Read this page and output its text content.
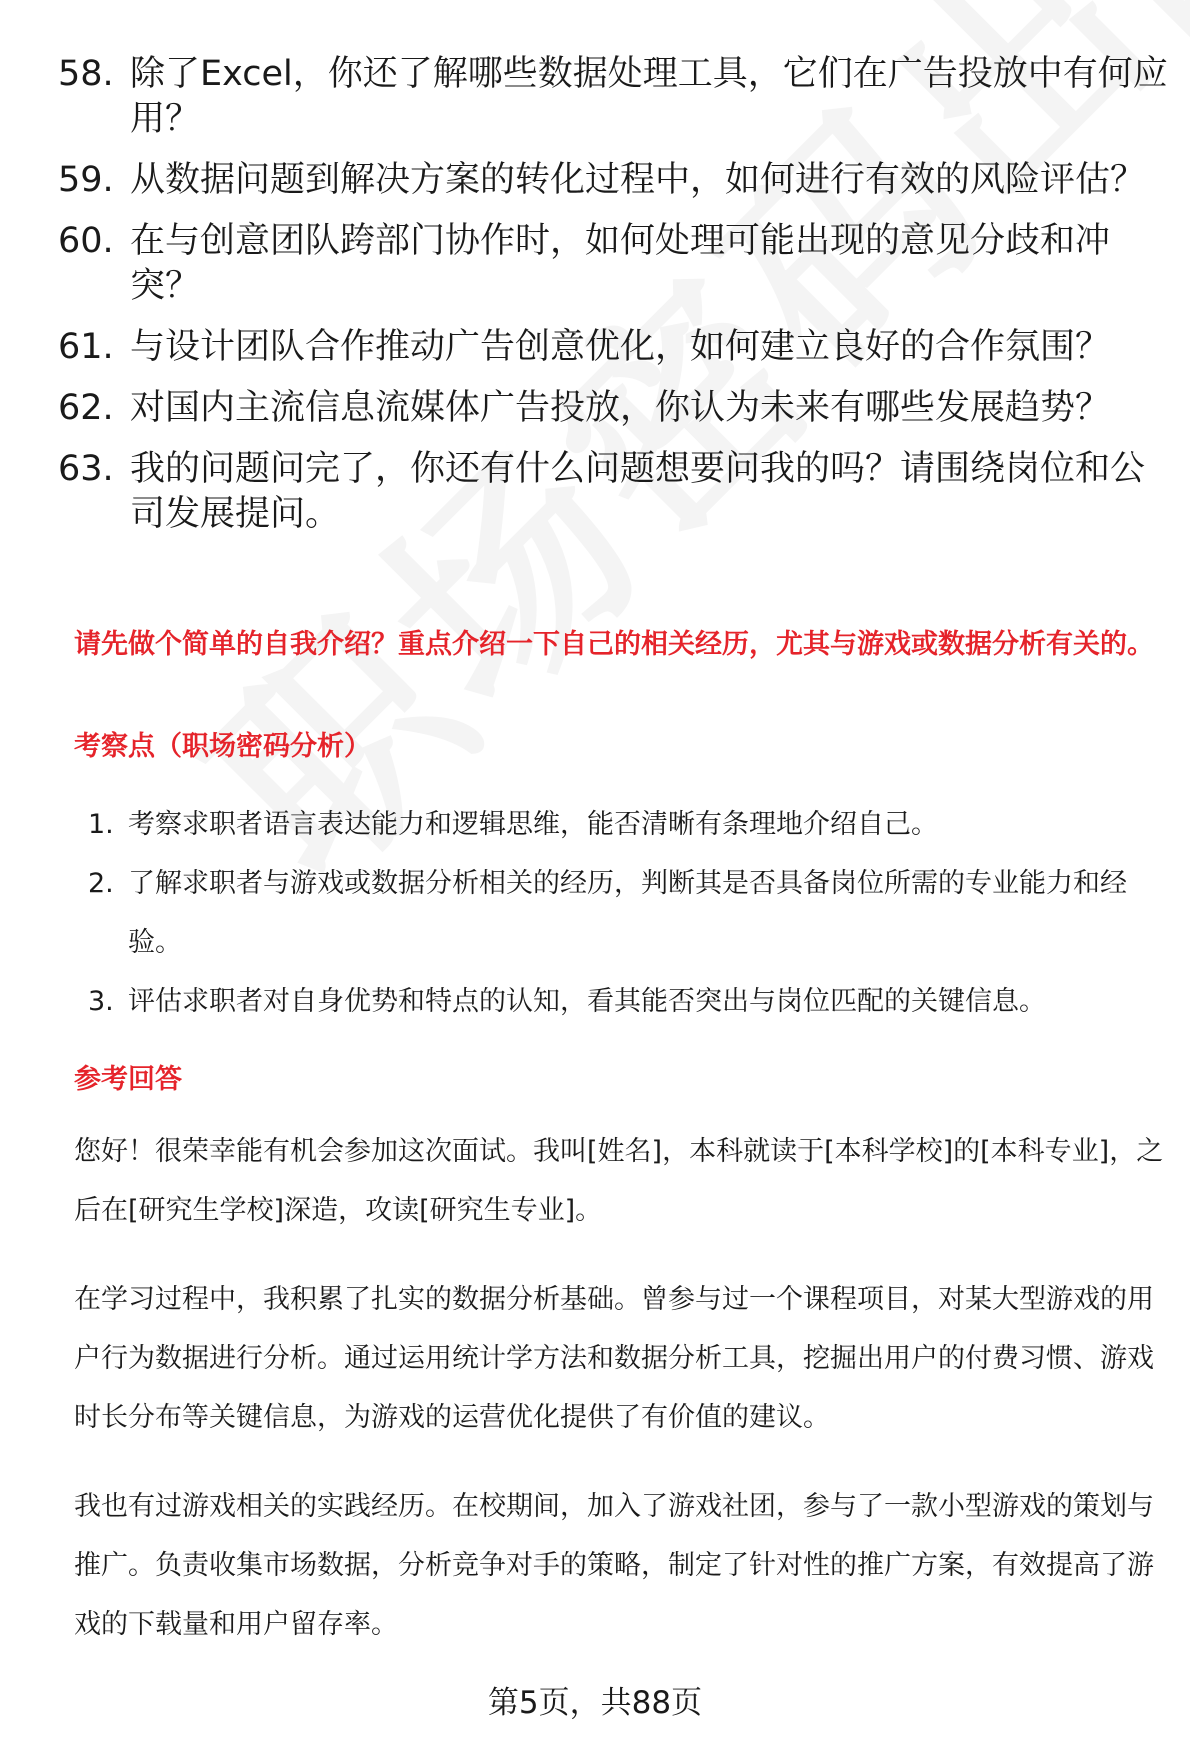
58. 除了Excel，你还了解哪些数据处理工具，它们在广告投放中有何应用？
59. 从数据问题到解决方案的转化过程中，如何进行有效的风险评估？
60. 在与创意团队跨部门协作时，如何处理可能出现的意见分歧和冲突？
61. 与设计团队合作推动广告创意优化，如何建立良好的合作氛围？
62. 对国内主流信息流媒体广告投放，你认为未来有哪些发展趋势？
63. 我的问题问完了，你还有什么问题想要问我的吗？请围绕岗位和公司发展提问。
请先做个简单的自我介绍？重点介绍一下自己的相关经历，尤其与游戏或数据分析有关的。
考察点（职场密码分析）
1. 考察求职者语言表达能力和逻辑思维，能否清晰有条理地介绍自己。
2. 了解求职者与游戏或数据分析相关的经历，判断其是否具备岗位所需的专业能力和经验。
3. 评估求职者对自身优势和特点的认知，看其能否突出与岗位匹配的关键信息。
参考回答

您好！很荣幸能有机会参加这次面试。我叫[姓名]，本科就读于[本科学校]的[本科专业]，之后在[研究生学校]深造，攻读[研究生专业]。

在学习过程中，我积累了扎实的数据分析基础。曾参与过一个课程项目，对某大型游戏的用户行为数据进行分析。通过运用统计学方法和数据分析工具，挖掘出用户的付费习惯、游戏时长分布等关键信息，为游戏的运营优化提供了有价值的建议。

我也有过游戏相关的实践经历。在校期间，加入了游戏社团，参与了一款小型游戏的策划与推广。负责收集市场数据，分析竞争对手的策略，制定了针对性的推广方案，有效提高了游戏的下载量和用户留存率。

第5页，共88页
